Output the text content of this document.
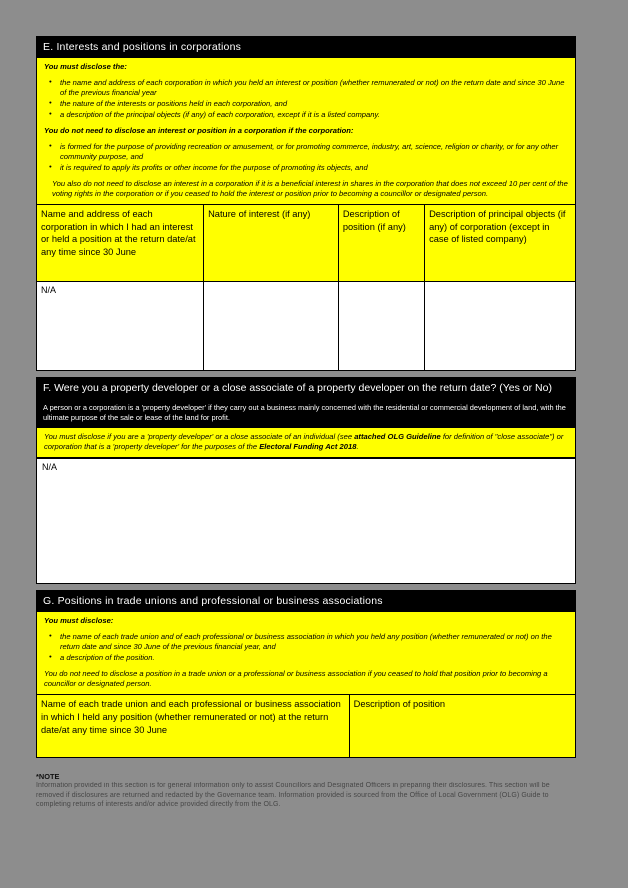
E. Interests and positions in corporations

You must disclose the:

• the name and address of each corporation in which you held an interest or position (whether remunerated or not) on the return date and since 30 June of the previous financial year
• the nature of the interests or positions held in each corporation, and
• a description of the principal objects (if any) of each corporation, except if it is a listed company.

You do not need to disclose an interest or position in a corporation if the corporation:

• is formed for the purpose of providing recreation or amusement, or for promoting commerce, industry, art, science, religion or charity, or for any other community purpose, and
• it is required to apply its profits or other income for the purpose of promoting its objects, and

You also do not need to disclose an interest in a corporation if it is a beneficial interest in shares in the corporation that does not exceed 10 per cent of the voting rights in the corporation or if you ceased to hold the interest or position prior to becoming a councillor or designated person.

Name and address of each corporation in which I had an interest or held a position at the return date/at any time since 30 June	Nature of interest (if any)	Description of position (if any)	Description of principal objects (if any) of corporation (except in case of listed company)
N/A			
F. Were you a property developer or a close associate of a property developer on the return date? (Yes or No)
A person or a corporation is a 'property developer' if they carry out a business mainly concerned with the residential or commercial development of land, with the ultimate purpose of the sale or lease of the land for profit.

You must disclose if you are a 'property developer' or a close associate of an individual (see attached OLG Guideline for definition of "close associate") or corporation that is a 'property developer' for the purposes of the Electoral Funding Act 2018.

N/A
G. Positions in trade unions and professional or business associations

You must disclose:

• the name of each trade union and of each professional or business association in which you held any position (whether remunerated or not) on the return date and since 30 June of the previous financial year, and
• a description of the position.

You do not need to disclose a position in a trade union or a professional or business association if you ceased to hold that position prior to becoming a councillor or designated person.

Name of each trade union and each professional or business association in which I held any position (whether remunerated or not) at the return date/at any time since 30 June	Description of position
*NOTE
Information provided in this section is for general information only to assist Councillors and Designated Officers in preparing their disclosures. This section will be removed if disclosures are returned and redacted by the Governance team. Information provided is sourced from the Office of Local Government (OLG) Guide to completing returns of interests and/or advice provided directly from the OLG.
